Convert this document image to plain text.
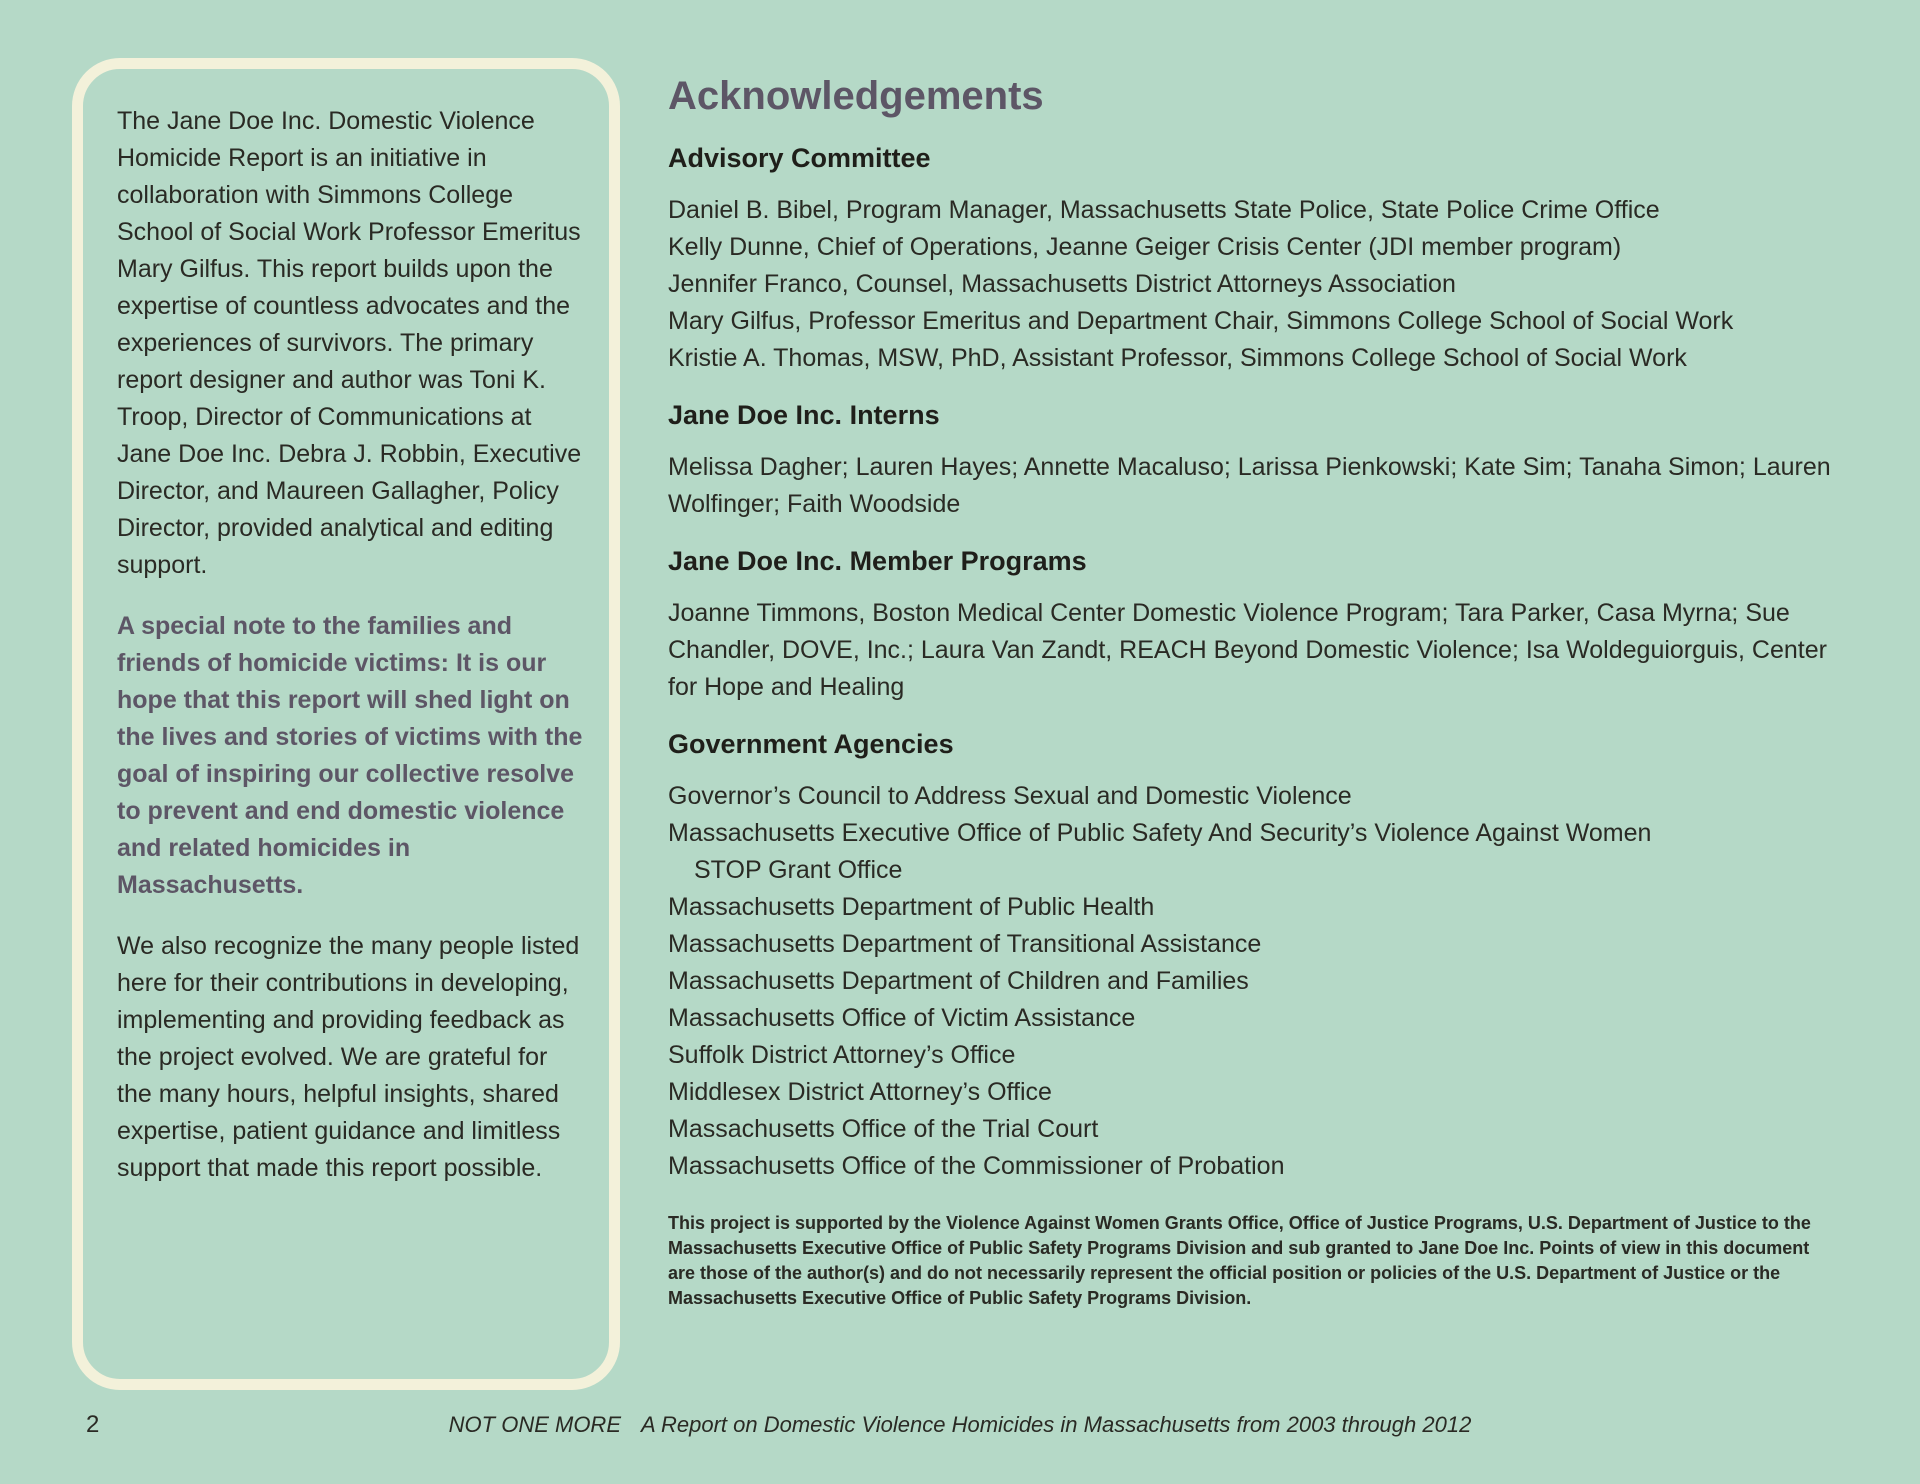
The Jane Doe Inc. Domestic Violence Homicide Report is an initiative in collaboration with Simmons College School of Social Work Professor Emeritus Mary Gilfus. This report builds upon the expertise of countless advocates and the experiences of survivors. The primary report designer and author was Toni K. Troop, Director of Communications at Jane Doe Inc. Debra J. Robbin, Executive Director, and Maureen Gallagher, Policy Director, provided analytical and editing support.

A special note to the families and friends of homicide victims: It is our hope that this report will shed light on the lives and stories of victims with the goal of inspiring our collective resolve to prevent and end domestic violence and related homicides in Massachusetts.

We also recognize the many people listed here for their contributions in developing, implementing and providing feedback as the project evolved. We are grateful for the many hours, helpful insights, shared expertise, patient guidance and limitless support that made this report possible.

Acknowledgements
Advisory Committee
Daniel B. Bibel, Program Manager, Massachusetts State Police, State Police Crime Office
Kelly Dunne, Chief of Operations, Jeanne Geiger Crisis Center (JDI member program)
Jennifer Franco, Counsel, Massachusetts District Attorneys Association
Mary Gilfus, Professor Emeritus and Department Chair, Simmons College School of Social Work
Kristie A. Thomas, MSW, PhD, Assistant Professor, Simmons College School of Social Work
Jane Doe Inc. Interns

Melissa Dagher; Lauren Hayes; Annette Macaluso; Larissa Pienkowski; Kate Sim; Tanaha Simon; Lauren Wolfinger; Faith Woodside

Jane Doe Inc. Member Programs

Joanne Timmons, Boston Medical Center Domestic Violence Program; Tara Parker, Casa Myrna; Sue Chandler, DOVE, Inc.; Laura Van Zandt, REACH Beyond Domestic Violence; Isa Woldeguiorguis, Center for Hope and Healing

Government Agencies
Governor’s Council to Address Sexual and Domestic Violence
Massachusetts Executive Office of Public Safety And Security’s Violence Against Women
STOP Grant Office
Massachusetts Department of Public Health
Massachusetts Department of Transitional Assistance
Massachusetts Department of Children and Families
Massachusetts Office of Victim Assistance
Suffolk District Attorney’s Office
Middlesex District Attorney’s Office
Massachusetts Office of the Trial Court
Massachusetts Office of the Commissioner of Probation

This project is supported by the Violence Against Women Grants Office, Office of Justice Programs, U.S. Department of Justice to the Massachusetts Executive Office of Public Safety Programs Division and sub granted to Jane Doe Inc. Points of view in this document are those of the author(s) and do not necessarily represent the official position or policies of the U.S. Department of Justice or the Massachusetts Executive Office of Public Safety Programs Division.

2	NOT ONE MORE A Report on Domestic Violence Homicides in Massachusetts from 2003 through 2012
